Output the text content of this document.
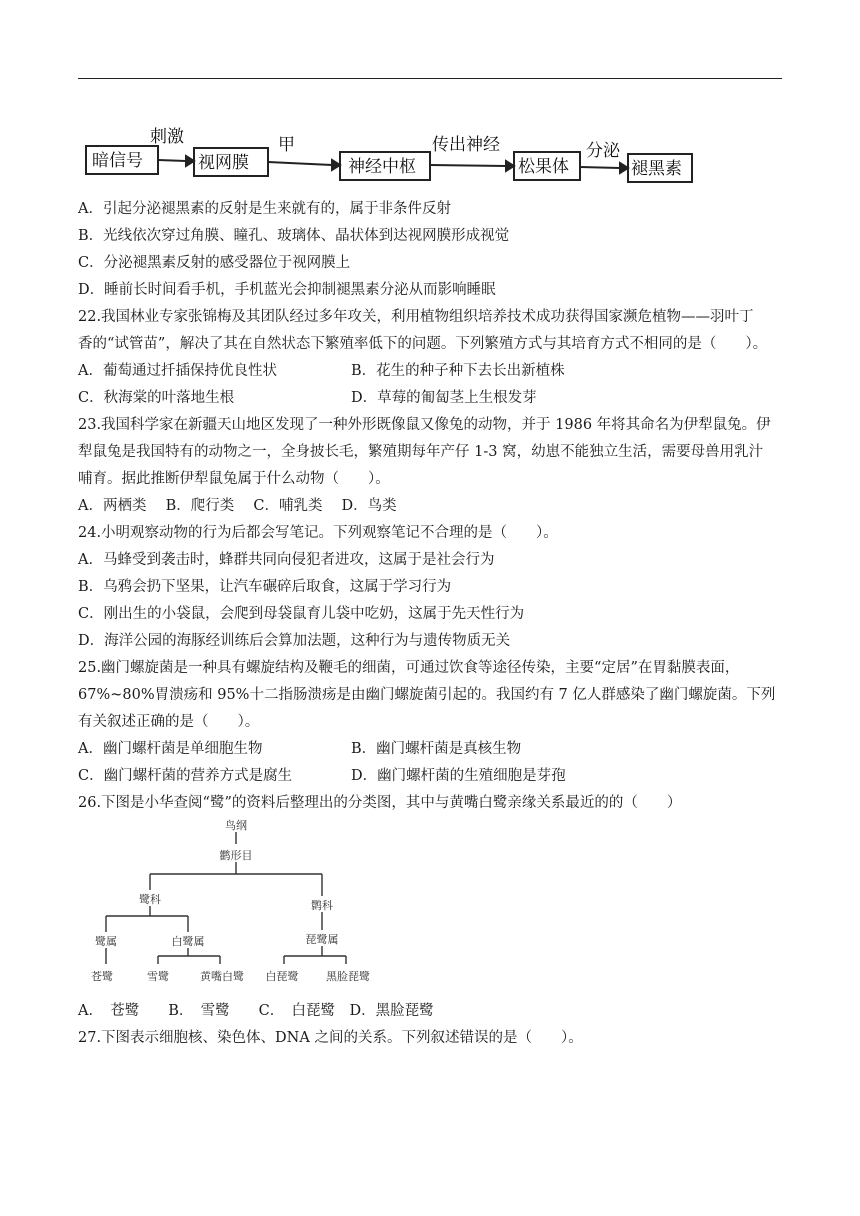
暗信号	视网膜	神经中枢	松果体	褪黑素
刺激	甲	传出神经	分泌
A．引起分泌褪黑素的反射是生来就有的，属于非条件反射
B．光线依次穿过角膜、瞳孔、玻璃体、晶状体到达视网膜形成视觉
C．分泌褪黑素反射的感受器位于视网膜上
D．睡前长时间看手机，手机蓝光会抑制褪黑素分泌从而影响睡眠
22.我国林业专家张锦梅及其团队经过多年攻关，利用植物组织培养技术成功获得国家濒危植物——羽叶丁
香的“试管苗”，解决了其在自然状态下繁殖率低下的问题。下列繁殖方式与其培育方式不相同的是（　　）。
A．葡萄通过扦插保持优良性状	B．花生的种子种下去长出新植株
C．秋海棠的叶落地生根	D．草莓的匍匐茎上生根发芽
23.我国科学家在新疆天山地区发现了一种外形既像鼠又像兔的动物，并于 1986 年将其命名为伊犁鼠兔。伊
犁鼠兔是我国特有的动物之一，全身披长毛，繁殖期每年产仔 1-3 窝，幼崽不能独立生活，需要母兽用乳汁
哺育。据此推断伊犁鼠兔属于什么动物（　　）。
A．两栖类　 B．爬行类　 C．哺乳类　 D．鸟类
24.小明观察动物的行为后都会写笔记。下列观察笔记不合理的是（　　）。
A．马蜂受到袭击时，蜂群共同向侵犯者进攻，这属于是社会行为
B．乌鸦会扔下坚果，让汽车碾碎后取食，这属于学习行为
C．刚出生的小袋鼠，会爬到母袋鼠育儿袋中吃奶，这属于先天性行为
D．海洋公园的海豚经训练后会算加法题，这种行为与遗传物质无关
25.幽门螺旋菌是一种具有螺旋结构及鞭毛的细菌，可通过饮食等途径传染，主要“定居”在胃黏膜表面，
67%~80%胃溃疡和 95%十二指肠溃疡是由幽门螺旋菌引起的。我国约有 7 亿人群感染了幽门螺旋菌。下列
有关叙述正确的是（　　）。
A．幽门螺杆菌是单细胞生物	B．幽门螺杆菌是真核生物
C．幽门螺杆菌的营养方式是腐生	D．幽门螺杆菌的生殖细胞是芽孢
26.下图是小华查阅“鹭”的资料后整理出的分类图，其中与黄嘴白鹭亲缘关系最近的的（　　）
鸟纲
鹳形目
鹭科	鹮科
鹭属	白鹭属	琵鹭属
苍鹭	雪鹭	黄嘴白鹭 白琵鹭	黑脸琵鹭
A．　苍鹭　　B．　雪鹭　　C．　白琵鹭　D．黑脸琵鹭
27.下图表示细胞核、染色体、DNA 之间的关系。下列叙述错误的是（　　）。
